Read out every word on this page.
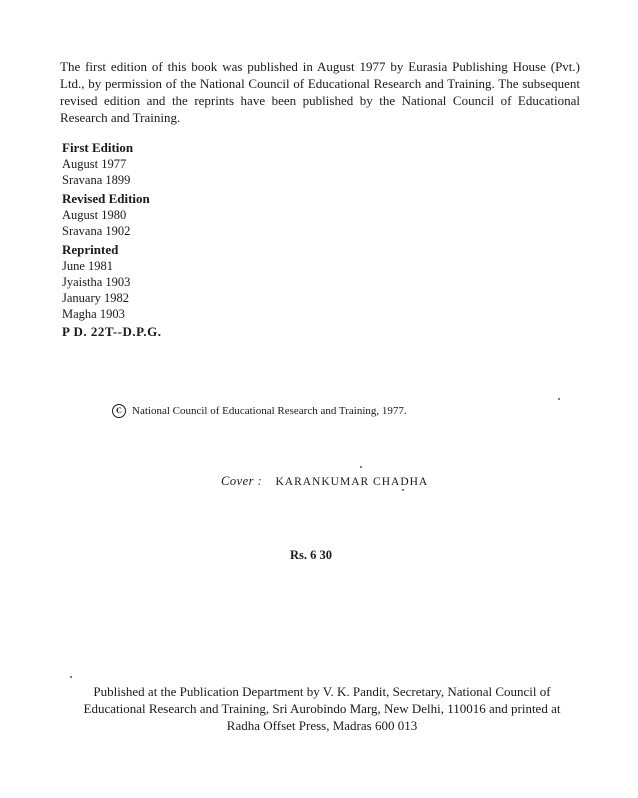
The first edition of this book was published in August 1977 by Eurasia Publishing House (Pvt.) Ltd., by permission of the National Council of Educational Research and Training. The subsequent revised edition and the reprints have been published by the National Council of Educational Research and Training.

First Edition
August 1977
Sravana 1899
Revised Edition
August 1980
Sravana 1902
Reprinted
June 1981
Jyaistha 1903
January 1982
Magha 1903
P D. 22T--D.P.G.
C National Council of Educational Research and Training, 1977.
Cover : KARANKUMAR CHADHA
Rs. 6 30

Published at the Publication Department by V. K. Pandit, Secretary, National Council of Educational Research and Training, Sri Aurobindo Marg, New Delhi, 110016 and printed at Radha Offset Press, Madras 600 013
